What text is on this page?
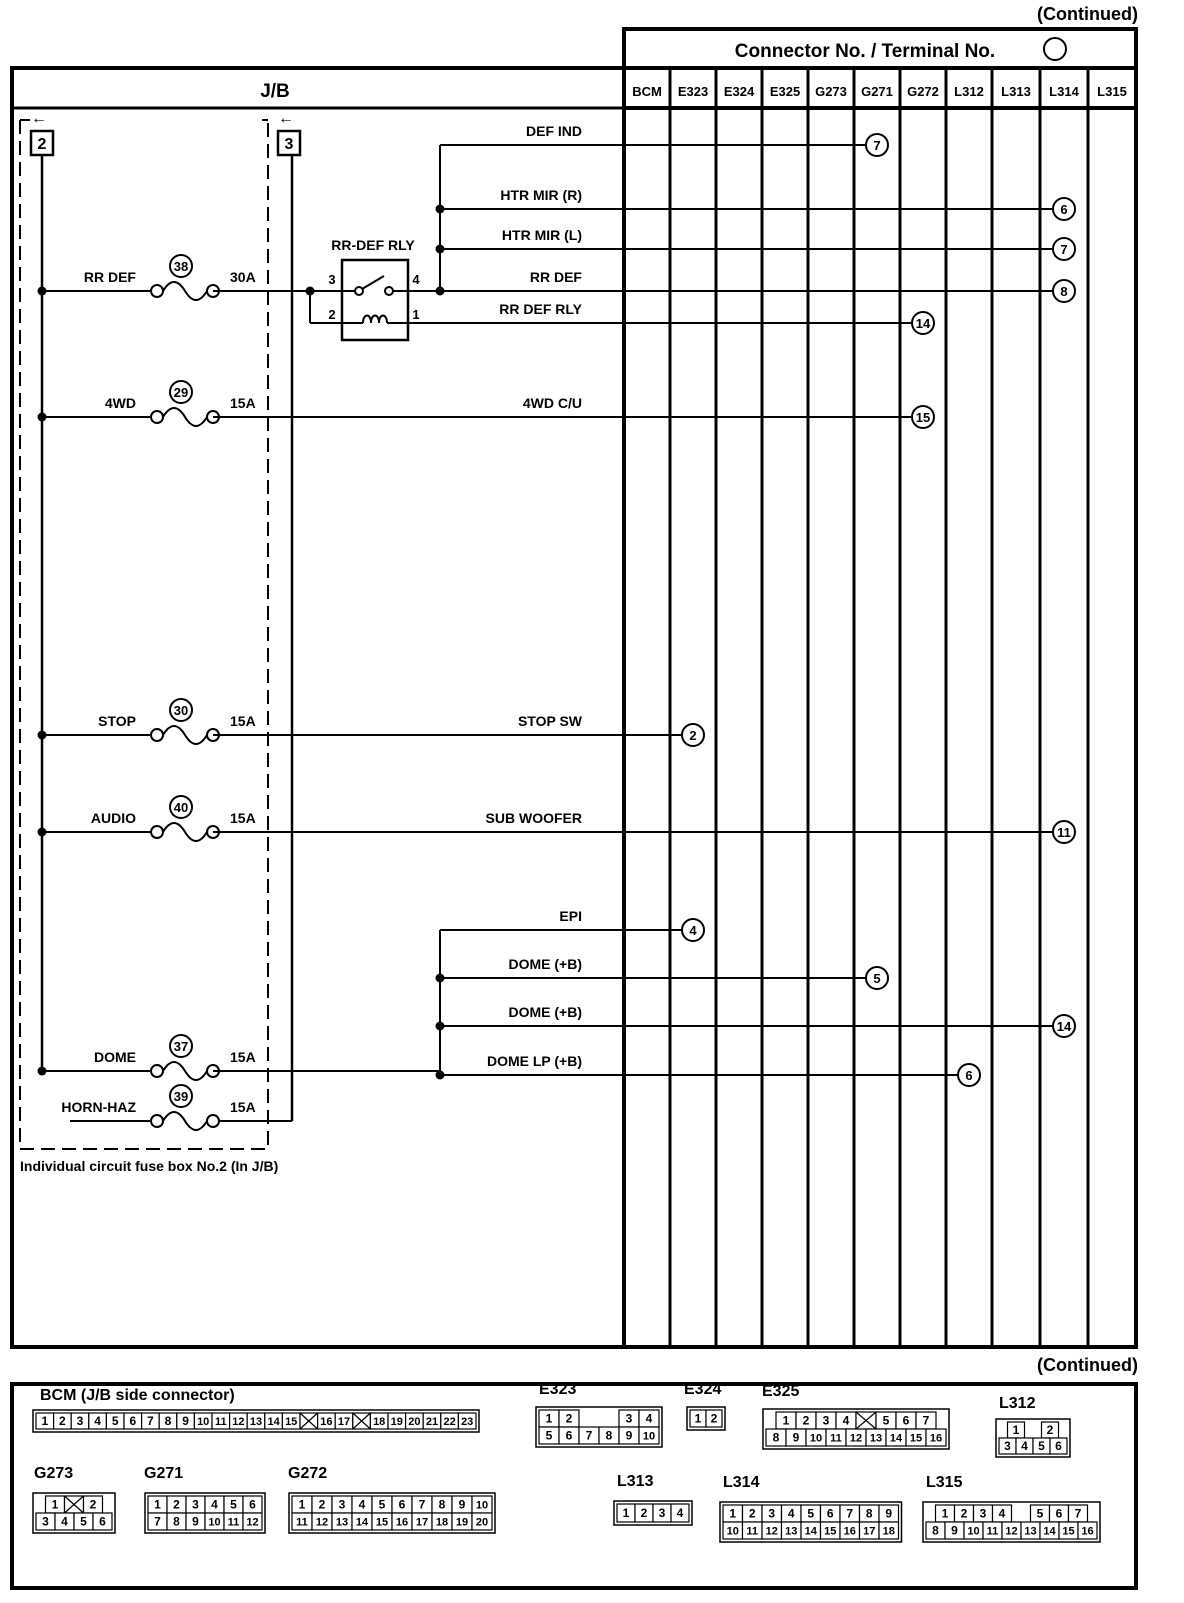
(Continued)
Connector No. / Terminal No.
J/B	BCM E323 E324 E325 G273 G271 G272 L312 L313 L314 L315
Individual circuit fuse box No.2 (In J/B)
←
2
←
3
RR DEF
38
30A
4WD
29
15A
STOP
30
15A
AUDIO
40
15A
DOME
37
15A
HORN-HAZ
39
15A
RR-DEF RLY
3	4
2	1
DEF IND
7
HTR MIR (R)
6
HTR MIR (L)
7
RR DEF
8
RR DEF RLY
14
4WD C/U
15
STOP SW
2
SUB WOOFER
11
EPI
4
DOME (+B)
5
DOME (+B)
14
DOME LP (+B)
6
(Continued)
BCM (J/B side connector)
1 2 3 4 5 6 7 8 9 10 11 12 13 14 15 16 17 18 19 20 21 22 23
E323
1 2	3 4
5 6 7 8 9 10
E324
1 2
E325
1 2 3 4	5 6 7
8 9 10 11 12 13 14 15 16
L312
1 2
3 4 5 6
G273
1	2
3 4 5 6
G271
1 2 3 4 5 6
7 8 9 10 11 12
G272
1 2 3 4 5 6 7 8 9 10
11 12 13 14 15 16 17 18 19 20
L313
1 2 3 4
L314
1 2 3 4 5 6 7 8 9
10 11 12 13 14 15 16 17 18
L315
1 2 3 4	5 6 7
8 9 10 11 12 13 14 15 16
